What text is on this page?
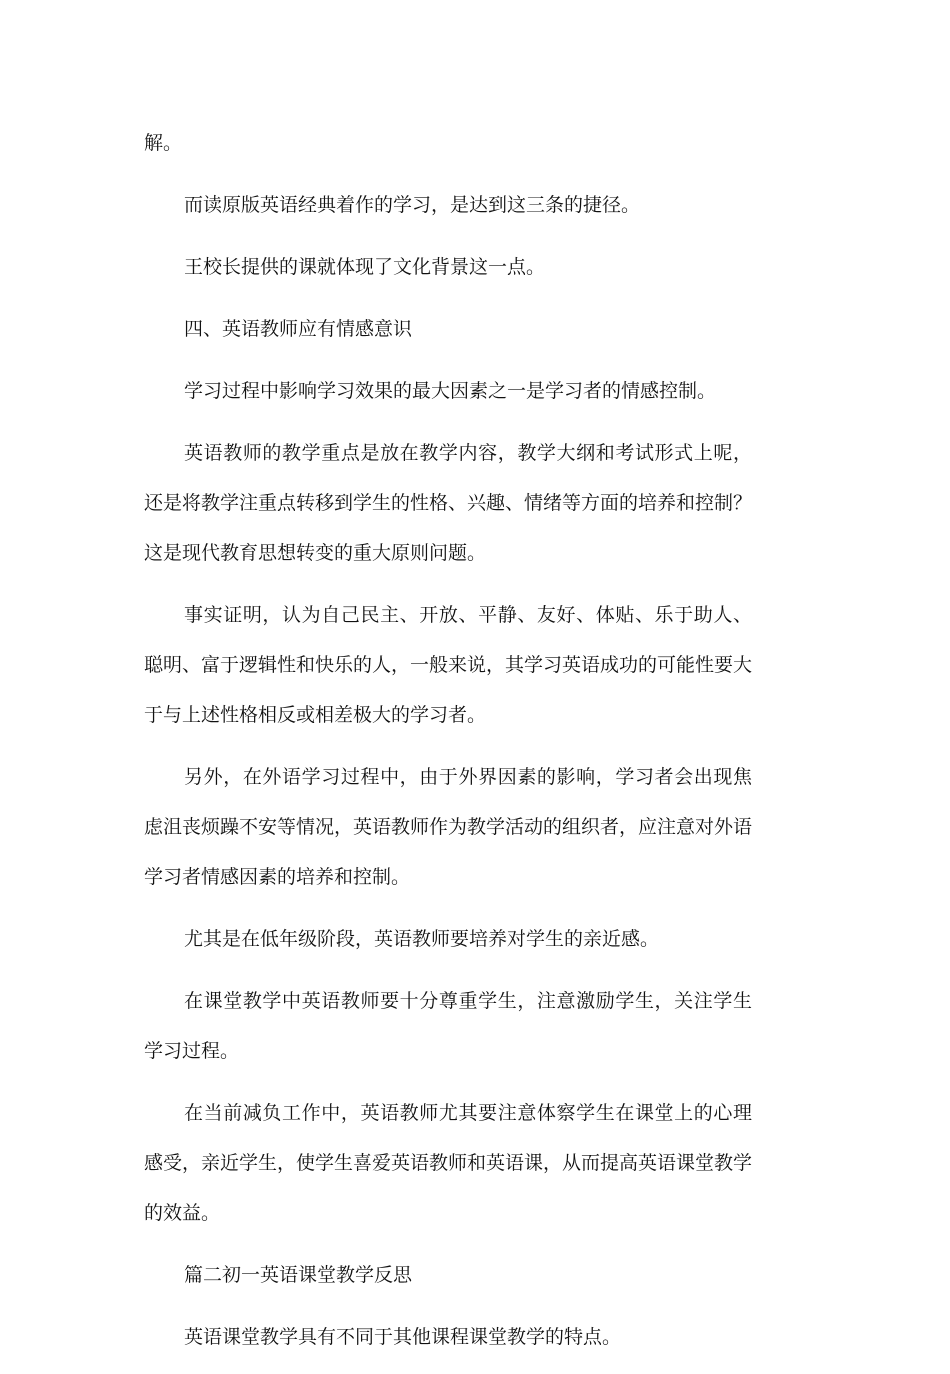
解。

而读原版英语经典着作的学习，是达到这三条的捷径。

王校长提供的课就体现了文化背景这一点。

四、英语教师应有情感意识

学习过程中影响学习效果的最大因素之一是学习者的情感控制。

英语教师的教学重点是放在教学内容，教学大纲和考试形式上呢，还是将教学注重点转移到学生的性格、兴趣、情绪等方面的培养和控制？这是现代教育思想转变的重大原则问题。

事实证明，认为自己民主、开放、平静、友好、体贴、乐于助人、聪明、富于逻辑性和快乐的人，一般来说，其学习英语成功的可能性要大于与上述性格相反或相差极大的学习者。

另外，在外语学习过程中，由于外界因素的影响，学习者会出现焦虑沮丧烦躁不安等情况，英语教师作为教学活动的组织者，应注意对外语学习者情感因素的培养和控制。

尤其是在低年级阶段，英语教师要培养对学生的亲近感。

在课堂教学中英语教师要十分尊重学生，注意激励学生，关注学生学习过程。

在当前减负工作中，英语教师尤其要注意体察学生在课堂上的心理感受，亲近学生，使学生喜爱英语教师和英语课，从而提高英语课堂教学的效益。

篇二初一英语课堂教学反思

英语课堂教学具有不同于其他课程课堂教学的特点。
